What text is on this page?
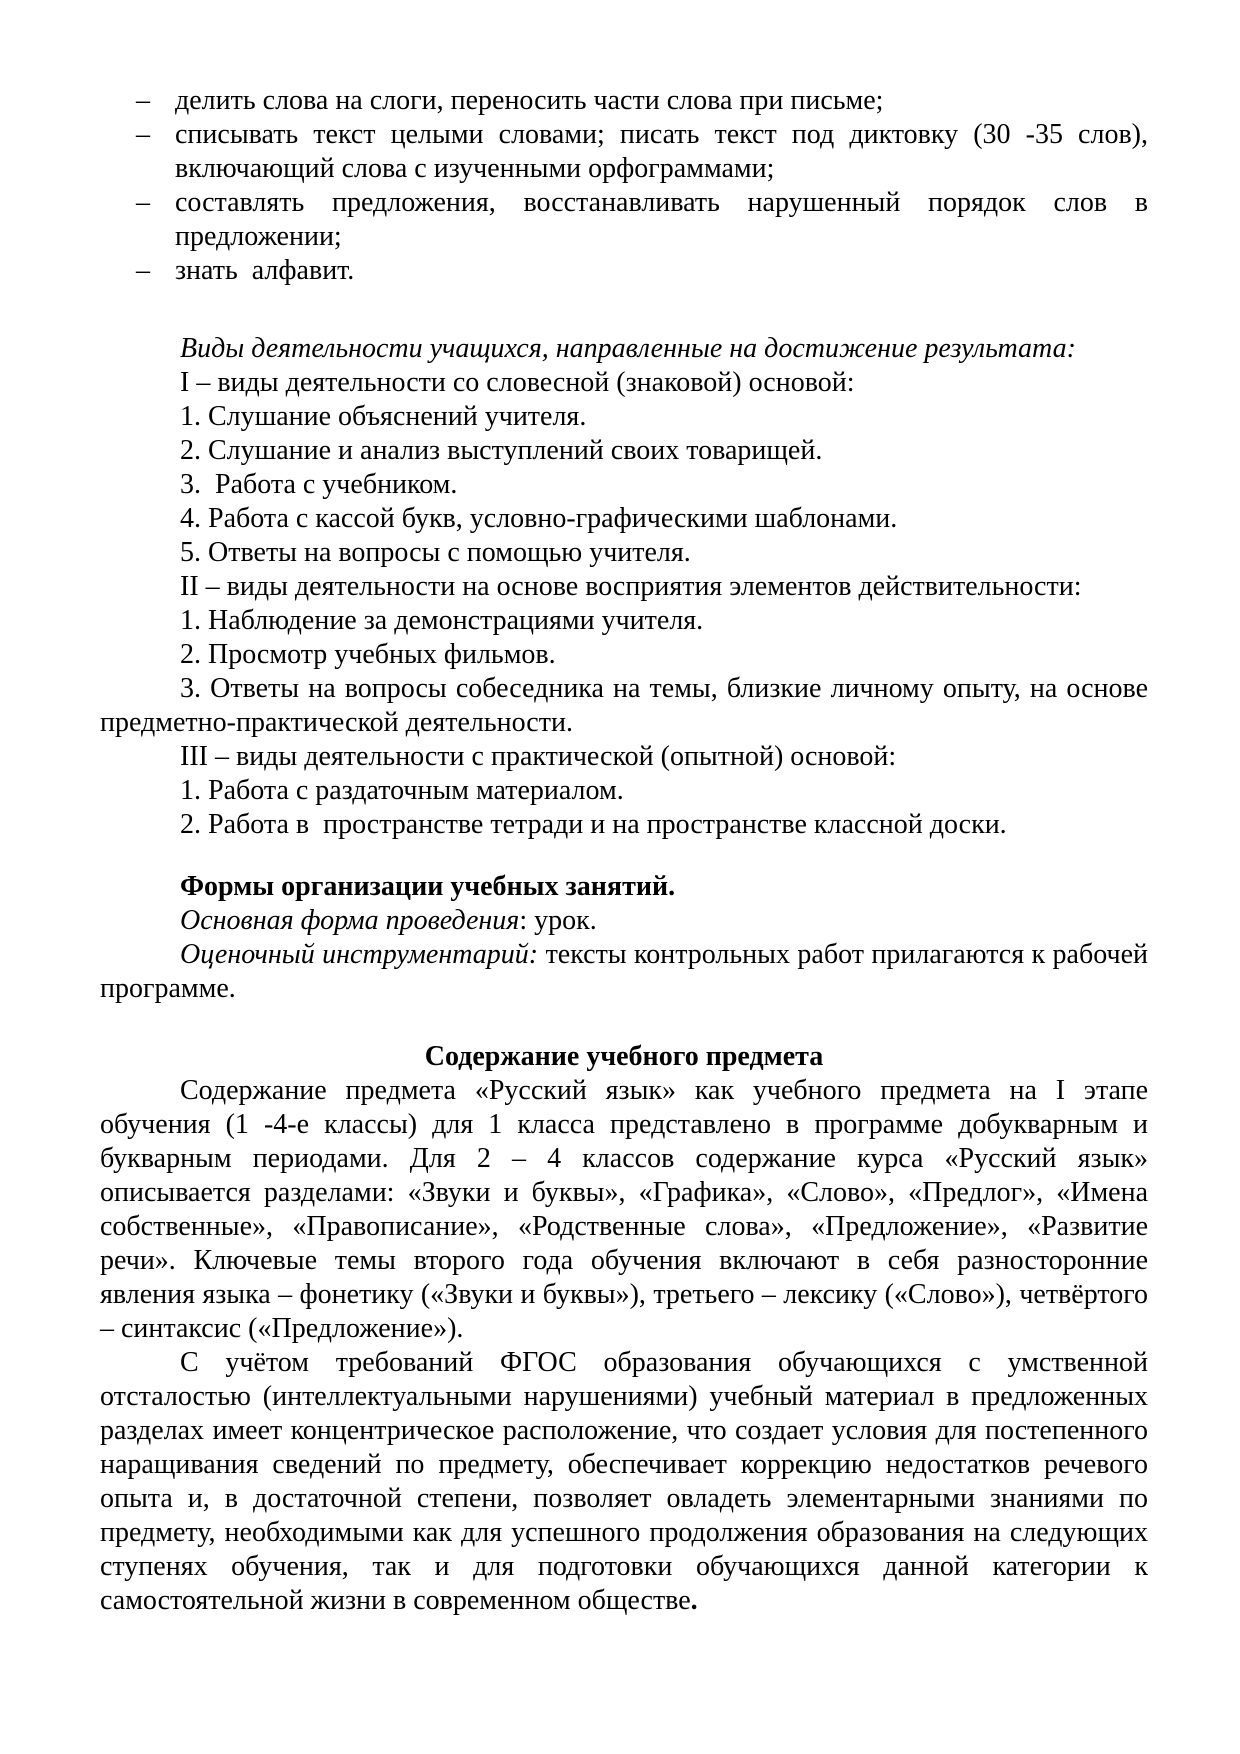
– делить слова на слоги, переносить части слова при письме;
– списывать текст целыми словами; писать текст под диктовку (30 -35 слов), включающий слова с изученными орфограммами;
– составлять предложения, восстанавливать нарушенный порядок слов в предложении;
– знать  алфавит.
Виды деятельности учащихся, направленные на достижение результата:
I – виды деятельности со словесной (знаковой) основой:
1. Слушание объяснений учителя.
2. Слушание и анализ выступлений своих товарищей.
3.  Работа с учебником.
4. Работа с кассой букв, условно-графическими шаблонами.
5. Ответы на вопросы с помощью учителя.
II – виды деятельности на основе восприятия элементов действительности:
1. Наблюдение за демонстрациями учителя.
2. Просмотр учебных фильмов.
3. Ответы на вопросы собеседника на темы, близкие личному опыту, на основе предметно-практической деятельности.
III – виды деятельности с практической (опытной) основой:
1. Работа с раздаточным материалом.
2. Работа в  пространстве тетради и на пространстве классной доски.
Формы организации учебных занятий.
Основная форма проведения: урок.
Оценочный инструментарий: тексты контрольных работ прилагаются к рабочей программе.
Содержание учебного предмета

Содержание предмета «Русский язык» как учебного предмета на I этапе обучения (1 -4-е классы) для 1 класса представлено в программе добукварным и букварным периодами. Для 2 – 4 классов содержание курса «Русский язык» описывается разделами: «Звуки и буквы», «Графика», «Слово», «Предлог», «Имена собственные», «Правописание», «Родственные слова», «Предложение», «Развитие речи». Ключевые темы второго года обучения включают в себя разносторонние явления языка – фонетику («Звуки и буквы»), третьего – лексику («Слово»), четвёртого – синтаксис («Предложение»).

С учётом требований ФГОС образования обучающихся с умственной отсталостью (интеллектуальными нарушениями) учебный материал в предложенных разделах имеет концентрическое расположение, что создает условия для постепенного наращивания сведений по предмету, обеспечивает коррекцию недостатков речевого опыта и, в достаточной степени, позволяет овладеть элементарными знаниями по предмету, необходимыми как для успешного продолжения образования на следующих ступенях обучения, так и для подготовки обучающихся данной категории к самостоятельной жизни в современном обществе.
